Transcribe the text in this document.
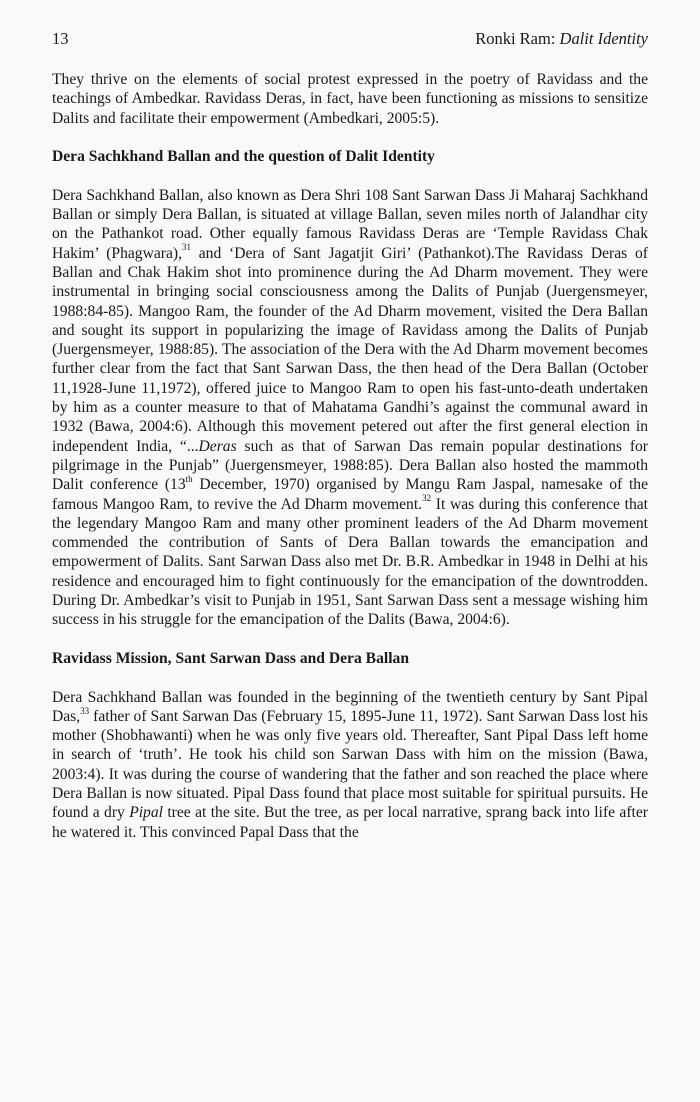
13	Ronki Ram: Dalit Identity

They thrive on the elements of social protest expressed in the poetry of Ravidass and the teachings of Ambedkar. Ravidass Deras, in fact, have been functioning as missions to sensitize Dalits and facilitate their empowerment (Ambedkari, 2005:5).

Dera Sachkhand Ballan and the question of Dalit Identity

Dera Sachkhand Ballan, also known as Dera Shri 108 Sant Sarwan Dass Ji Maharaj Sachkhand Ballan or simply Dera Ballan, is situated at village Ballan, seven miles north of Jalandhar city on the Pathankot road. Other equally famous Ravidass Deras are ‘Temple Ravidass Chak Hakim’ (Phagwara),$^{31}$ and ‘Dera of Sant Jagatjit Giri’ (Pathankot).The Ravidass Deras of Ballan and Chak Hakim shot into prominence during the Ad Dharm movement. They were instrumental in bringing social consciousness among the Dalits of Punjab (Juergensmeyer, 1988:84-85). Mangoo Ram, the founder of the Ad Dharm movement, visited the Dera Ballan and sought its support in popularizing the image of Ravidass among the Dalits of Punjab (Juergensmeyer, 1988:85). The association of the Dera with the Ad Dharm movement becomes further clear from the fact that Sant Sarwan Dass, the then head of the Dera Ballan (October 11,1928-June 11,1972), offered juice to Mangoo Ram to open his fast-unto-death undertaken by him as a counter measure to that of Mahatama Gandhi’s against the communal award in 1932 (Bawa, 2004:6). Although this movement petered out after the first general election in independent India, “...Deras such as that of Sarwan Das remain popular destinations for pilgrimage in the Punjab” (Juergensmeyer, 1988:85). Dera Ballan also hosted the mammoth Dalit conference (13th December, 1970) organised by Mangu Ram Jaspal, namesake of the famous Mangoo Ram, to revive the Ad Dharm movement.$^{32}$ It was during this conference that the legendary Mangoo Ram and many other prominent leaders of the Ad Dharm movement commended the contribution of Sants of Dera Ballan towards the emancipation and empowerment of Dalits. Sant Sarwan Dass also met Dr. B.R. Ambedkar in 1948 in Delhi at his residence and encouraged him to fight continuously for the emancipation of the downtrodden. During Dr. Ambedkar’s visit to Punjab in 1951, Sant Sarwan Dass sent a message wishing him success in his struggle for the emancipation of the Dalits (Bawa, 2004:6).

Ravidass Mission, Sant Sarwan Dass and Dera Ballan

Dera Sachkhand Ballan was founded in the beginning of the twentieth century by Sant Pipal Das,$^{33}$ father of Sant Sarwan Das (February 15, 1895-June 11, 1972). Sant Sarwan Dass lost his mother (Shobhawanti) when he was only five years old. Thereafter, Sant Pipal Dass left home in search of ‘truth’. He took his child son Sarwan Dass with him on the mission (Bawa, 2003:4). It was during the course of wandering that the father and son reached the place where Dera Ballan is now situated. Pipal Dass found that place most suitable for spiritual pursuits. He found a dry Pipal tree at the site. But the tree, as per local narrative, sprang back into life after he watered it. This convinced Papal Dass that the
